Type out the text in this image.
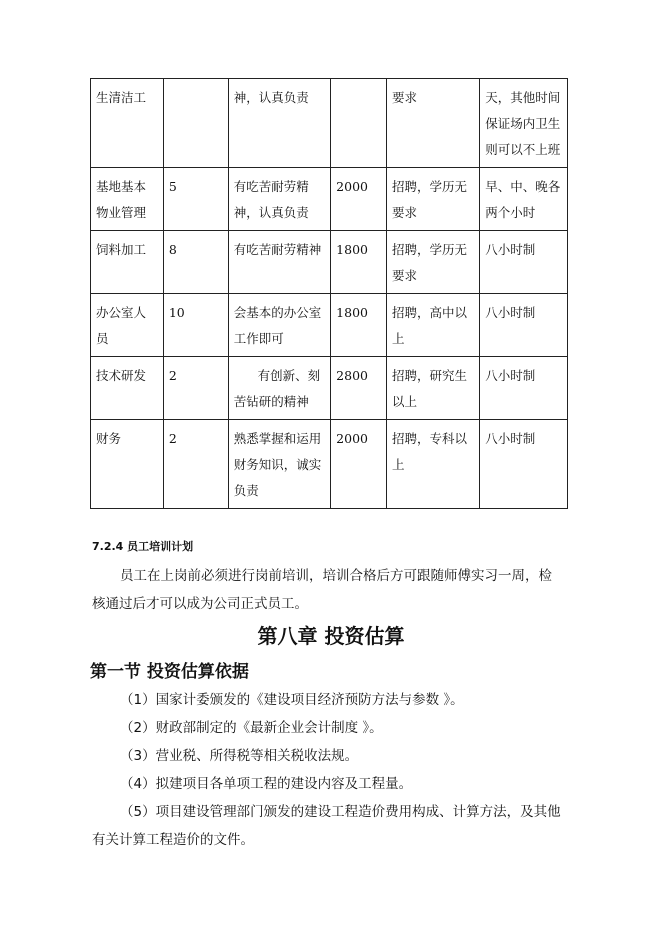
生清洁工		神，认真负责		要求	天，其他时间保证场内卫生则可以不上班
基地基本物业管理	5	有吃苦耐劳精神，认真负责	2000	招聘，学历无要求	早、中、晚各两个小时
饲料加工	8	有吃苦耐劳精神	1800	招聘，学历无要求	八小时制
办公室人员	10	会基本的办公室工作即可	1800	招聘，高中以上	八小时制
技术研发	2	有创新、刻苦钻研的精神	2800	招聘，研究生以上	八小时制
财务	2	熟悉掌握和运用财务知识，诚实负责	2000	招聘，专科以上	八小时制
7.2.4 员工培训计划

员工在上岗前必须进行岗前培训，培训合格后方可跟随师傅实习一周，检核通过后才可以成为公司正式员工。

第八章 投资估算
第一节 投资估算依据
（1）国家计委颁发的《建设项目经济预防方法与参数 》。
（2）财政部制定的《最新企业会计制度 》。
（3）营业税、所得税等相关税收法规。
（4）拟建项目各单项工程的建设内容及工程量。
（5）项目建设管理部门颁发的建设工程造价费用构成、计算方法，及其他有关计算工程造价的文件。
